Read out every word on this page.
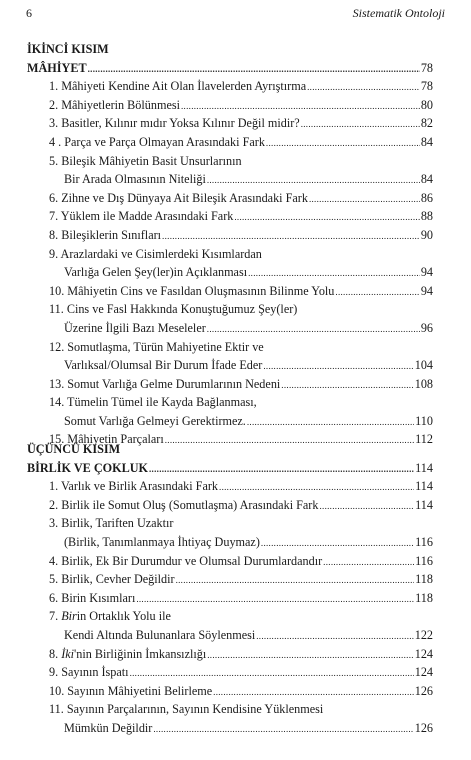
6	Sistematik Ontoloji
İKİNCİ KISIM
MÂHİYET .....	78
1. Mâhiyeti Kendine Ait Olan İlavelerden Ayrıştırma .....	78
2. Mâhiyetlerin Bölünmesi .....	80
3. Basitler, Kılınır mıdır Yoksa Kılınır Değil midir? .....	82
4 . Parça ve Parça Olmayan Arasındaki Fark .....	84
5. Bileşik Mâhiyetin Basit Unsurlarının
Bir Arada Olmasının Niteliği .....	84
6. Zihne ve Dış Dünyaya Ait Bileşik Arasındaki Fark .....	86
7. Yüklem ile Madde Arasındaki Fark .....	88
8. Bileşiklerin Sınıfları .....	90
9. Arazlardaki ve Cisimlerdeki Kısımlardan
Varlığa Gelen Şey(ler)in Açıklanması .....	94
10. Mâhiyetin Cins ve Fasıldan Oluşmasının Bilinme Yolu .....	94
11. Cins ve Fasl Hakkında Konuştuğumuz Şey(ler)
Üzerine İlgili Bazı Meseleler .....	96
12. Somutlaşma, Türün Mahiyetine Ektir ve
Varlıksal/Olumsal Bir Durum İfade Eder .....	104
13. Somut Varlığa Gelme Durumlarının Nedeni .....	108
14. Tümelin Tümel ile Kayda Bağlanması,
Somut Varlığa Gelmeyi Gerektirmez. .....	110
15. Mâhiyetin Parçaları .....	112
ÜÇÜNCÜ KISIM
BİRLİK VE ÇOKLUK .....	114
1. Varlık ve Birlik Arasındaki Fark .....	114
2. Birlik ile Somut Oluş (Somutlaşma) Arasındaki Fark .....	114
3. Birlik, Tariften Uzaktır
(Birlik, Tanımlanmaya İhtiyaç Duymaz) .....	116
4. Birlik, Ek Bir Durumdur ve Olumsal Durumlardandır .....	116
5. Birlik, Cevher Değildir .....	118
6. Birin Kısımları .....	118
7. Birin Ortaklık Yolu ile
Kendi Altında Bulunanlara Söylenmesi .....	122
8. İki'nin Birliğinin İmkansızlığı .....	124
9. Sayının İspatı .....	124
10. Sayının Mâhiyetini Belirleme .....	126
11. Sayının Parçalarının, Sayının Kendisine Yüklenmesi
Mümkün Değildir .....	126
